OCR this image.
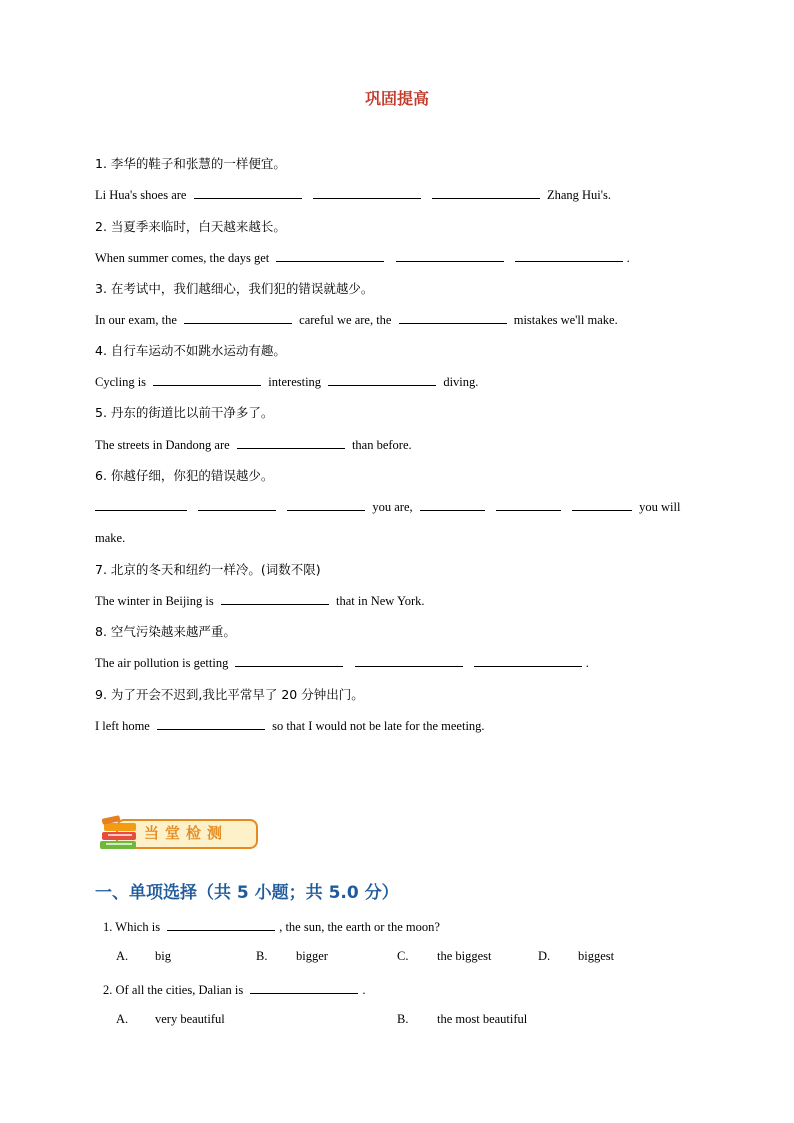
巩固提高
1. 李华的鞋子和张慧的一样便宜。
Li Hua's shoes are	Zhang Hui's.
2. 当夏季来临时，白天越来越长。
When summer comes, the days get	.
3. 在考试中，我们越细心，我们犯的错误就越少。
In our exam, the	careful we are, the	mistakes we'll make.
4. 自行车运动不如跳水运动有趣。
Cycling is	interesting	diving.
5. 丹东的街道比以前干净多了。
The streets in Dandong are	than before.
6. 你越仔细，你犯的错误越少。
you are,	you will
make.
7. 北京的冬天和纽约一样冷。(词数不限)
The winter in Beijing is	that in New York.
8. 空气污染越来越严重。
The air pollution is getting	.
9. 为了开会不迟到,我比平常早了 20 分钟出门。
I left home	so that I would not be late for the meeting.
当堂检测
一、单项选择（共 5 小题；共 5.0 分）
1. Which is	, the sun, the earth or the moon?
A. big	B. bigger	C. the biggest	D. biggest
2. Of all the cities, Dalian is	.
A. very beautiful	B. the most beautiful
